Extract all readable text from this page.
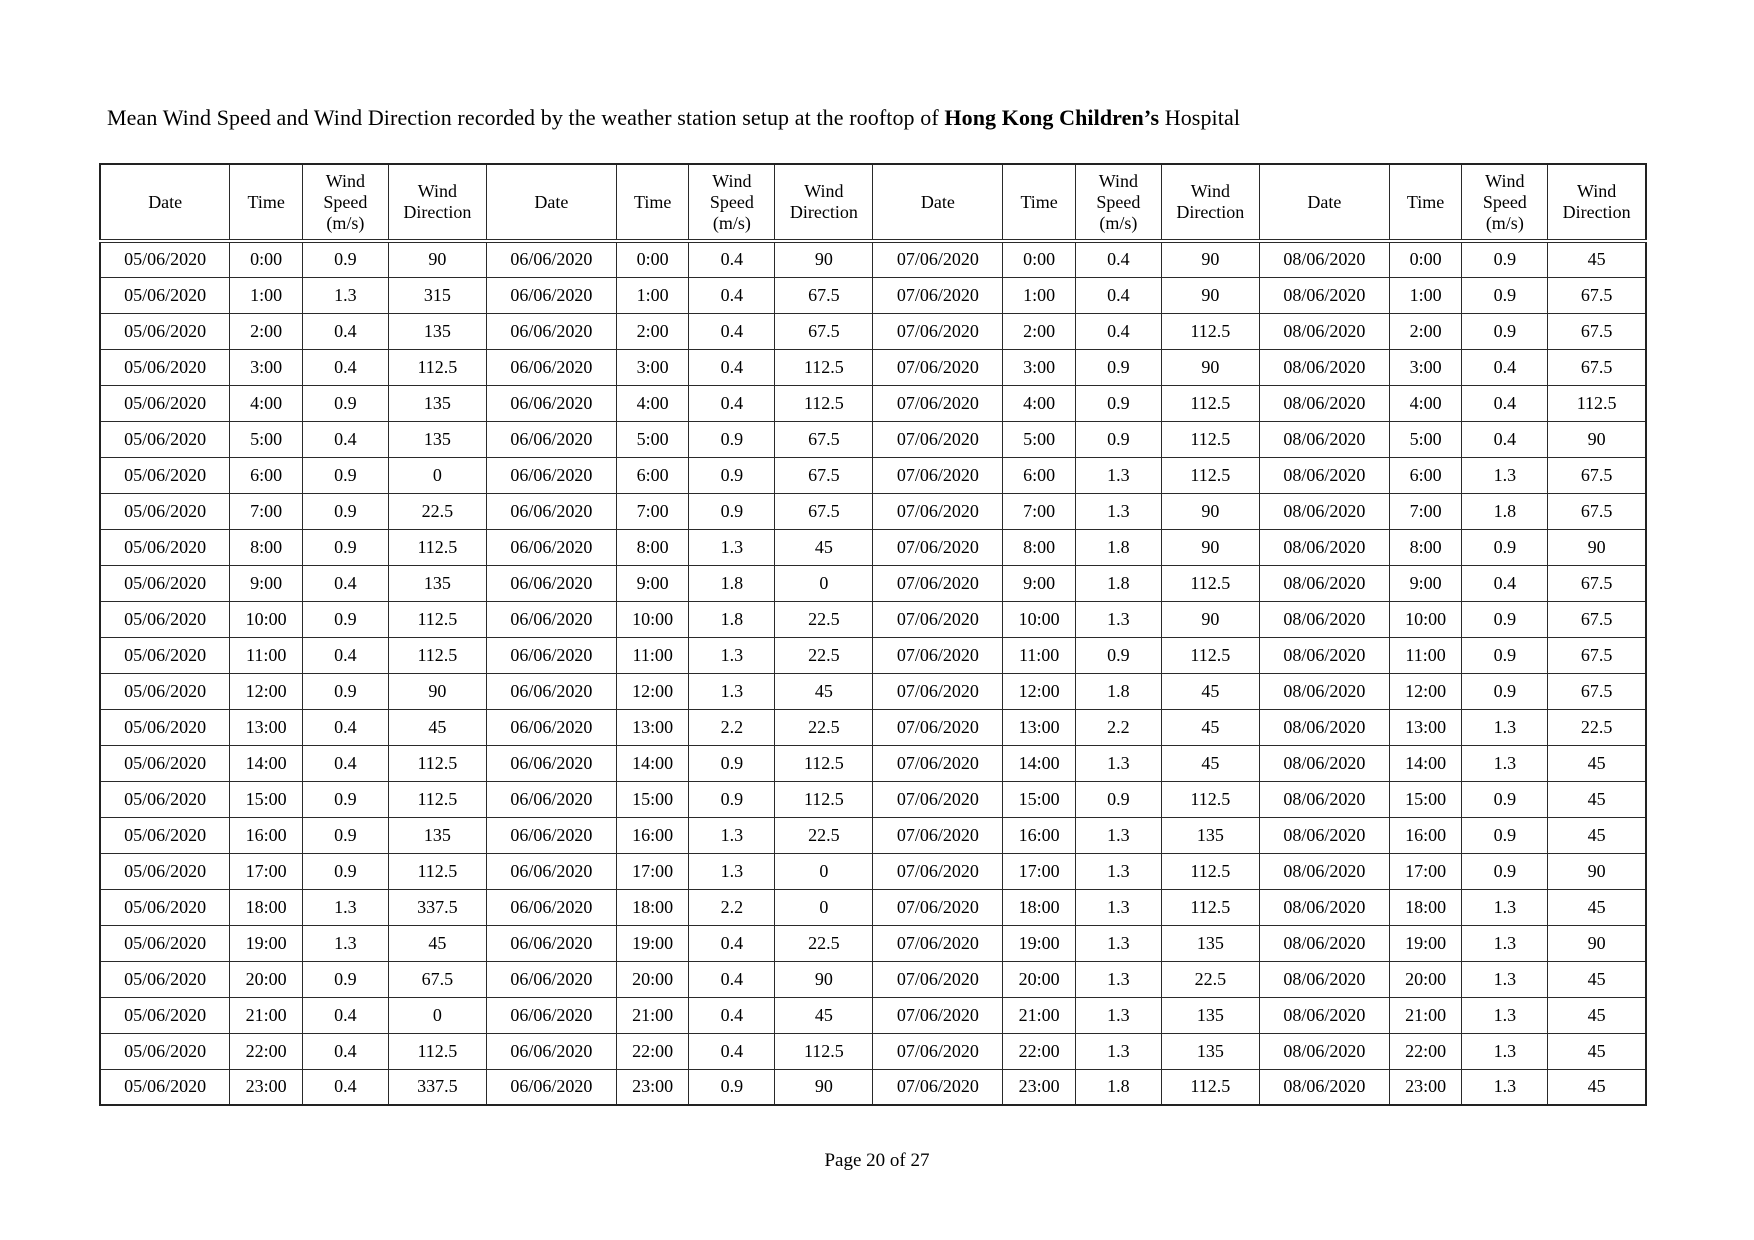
Mean Wind Speed and Wind Direction recorded by the weather station setup at the rooftop of Hong Kong Children’s Hospital
Date	Time	Wind Speed (m/s)	Wind Direction	Date	Time	Wind Speed (m/s)	Wind Direction	Date	Time	Wind Speed (m/s)	Wind Direction	Date	Time	Wind Speed (m/s)	Wind Direction
05/06/2020	0:00	0.9	90	06/06/2020	0:00	0.4	90	07/06/2020	0:00	0.4	90	08/06/2020	0:00	0.9	45
05/06/2020	1:00	1.3	315	06/06/2020	1:00	0.4	67.5	07/06/2020	1:00	0.4	90	08/06/2020	1:00	0.9	67.5
05/06/2020	2:00	0.4	135	06/06/2020	2:00	0.4	67.5	07/06/2020	2:00	0.4	112.5	08/06/2020	2:00	0.9	67.5
05/06/2020	3:00	0.4	112.5	06/06/2020	3:00	0.4	112.5	07/06/2020	3:00	0.9	90	08/06/2020	3:00	0.4	67.5
05/06/2020	4:00	0.9	135	06/06/2020	4:00	0.4	112.5	07/06/2020	4:00	0.9	112.5	08/06/2020	4:00	0.4	112.5
05/06/2020	5:00	0.4	135	06/06/2020	5:00	0.9	67.5	07/06/2020	5:00	0.9	112.5	08/06/2020	5:00	0.4	90
05/06/2020	6:00	0.9	0	06/06/2020	6:00	0.9	67.5	07/06/2020	6:00	1.3	112.5	08/06/2020	6:00	1.3	67.5
05/06/2020	7:00	0.9	22.5	06/06/2020	7:00	0.9	67.5	07/06/2020	7:00	1.3	90	08/06/2020	7:00	1.8	67.5
05/06/2020	8:00	0.9	112.5	06/06/2020	8:00	1.3	45	07/06/2020	8:00	1.8	90	08/06/2020	8:00	0.9	90
05/06/2020	9:00	0.4	135	06/06/2020	9:00	1.8	0	07/06/2020	9:00	1.8	112.5	08/06/2020	9:00	0.4	67.5
05/06/2020	10:00	0.9	112.5	06/06/2020	10:00	1.8	22.5	07/06/2020	10:00	1.3	90	08/06/2020	10:00	0.9	67.5
05/06/2020	11:00	0.4	112.5	06/06/2020	11:00	1.3	22.5	07/06/2020	11:00	0.9	112.5	08/06/2020	11:00	0.9	67.5
05/06/2020	12:00	0.9	90	06/06/2020	12:00	1.3	45	07/06/2020	12:00	1.8	45	08/06/2020	12:00	0.9	67.5
05/06/2020	13:00	0.4	45	06/06/2020	13:00	2.2	22.5	07/06/2020	13:00	2.2	45	08/06/2020	13:00	1.3	22.5
05/06/2020	14:00	0.4	112.5	06/06/2020	14:00	0.9	112.5	07/06/2020	14:00	1.3	45	08/06/2020	14:00	1.3	45
05/06/2020	15:00	0.9	112.5	06/06/2020	15:00	0.9	112.5	07/06/2020	15:00	0.9	112.5	08/06/2020	15:00	0.9	45
05/06/2020	16:00	0.9	135	06/06/2020	16:00	1.3	22.5	07/06/2020	16:00	1.3	135	08/06/2020	16:00	0.9	45
05/06/2020	17:00	0.9	112.5	06/06/2020	17:00	1.3	0	07/06/2020	17:00	1.3	112.5	08/06/2020	17:00	0.9	90
05/06/2020	18:00	1.3	337.5	06/06/2020	18:00	2.2	0	07/06/2020	18:00	1.3	112.5	08/06/2020	18:00	1.3	45
05/06/2020	19:00	1.3	45	06/06/2020	19:00	0.4	22.5	07/06/2020	19:00	1.3	135	08/06/2020	19:00	1.3	90
05/06/2020	20:00	0.9	67.5	06/06/2020	20:00	0.4	90	07/06/2020	20:00	1.3	22.5	08/06/2020	20:00	1.3	45
05/06/2020	21:00	0.4	0	06/06/2020	21:00	0.4	45	07/06/2020	21:00	1.3	135	08/06/2020	21:00	1.3	45
05/06/2020	22:00	0.4	112.5	06/06/2020	22:00	0.4	112.5	07/06/2020	22:00	1.3	135	08/06/2020	22:00	1.3	45
05/06/2020	23:00	0.4	337.5	06/06/2020	23:00	0.9	90	07/06/2020	23:00	1.8	112.5	08/06/2020	23:00	1.3	45
Page 20 of 27
